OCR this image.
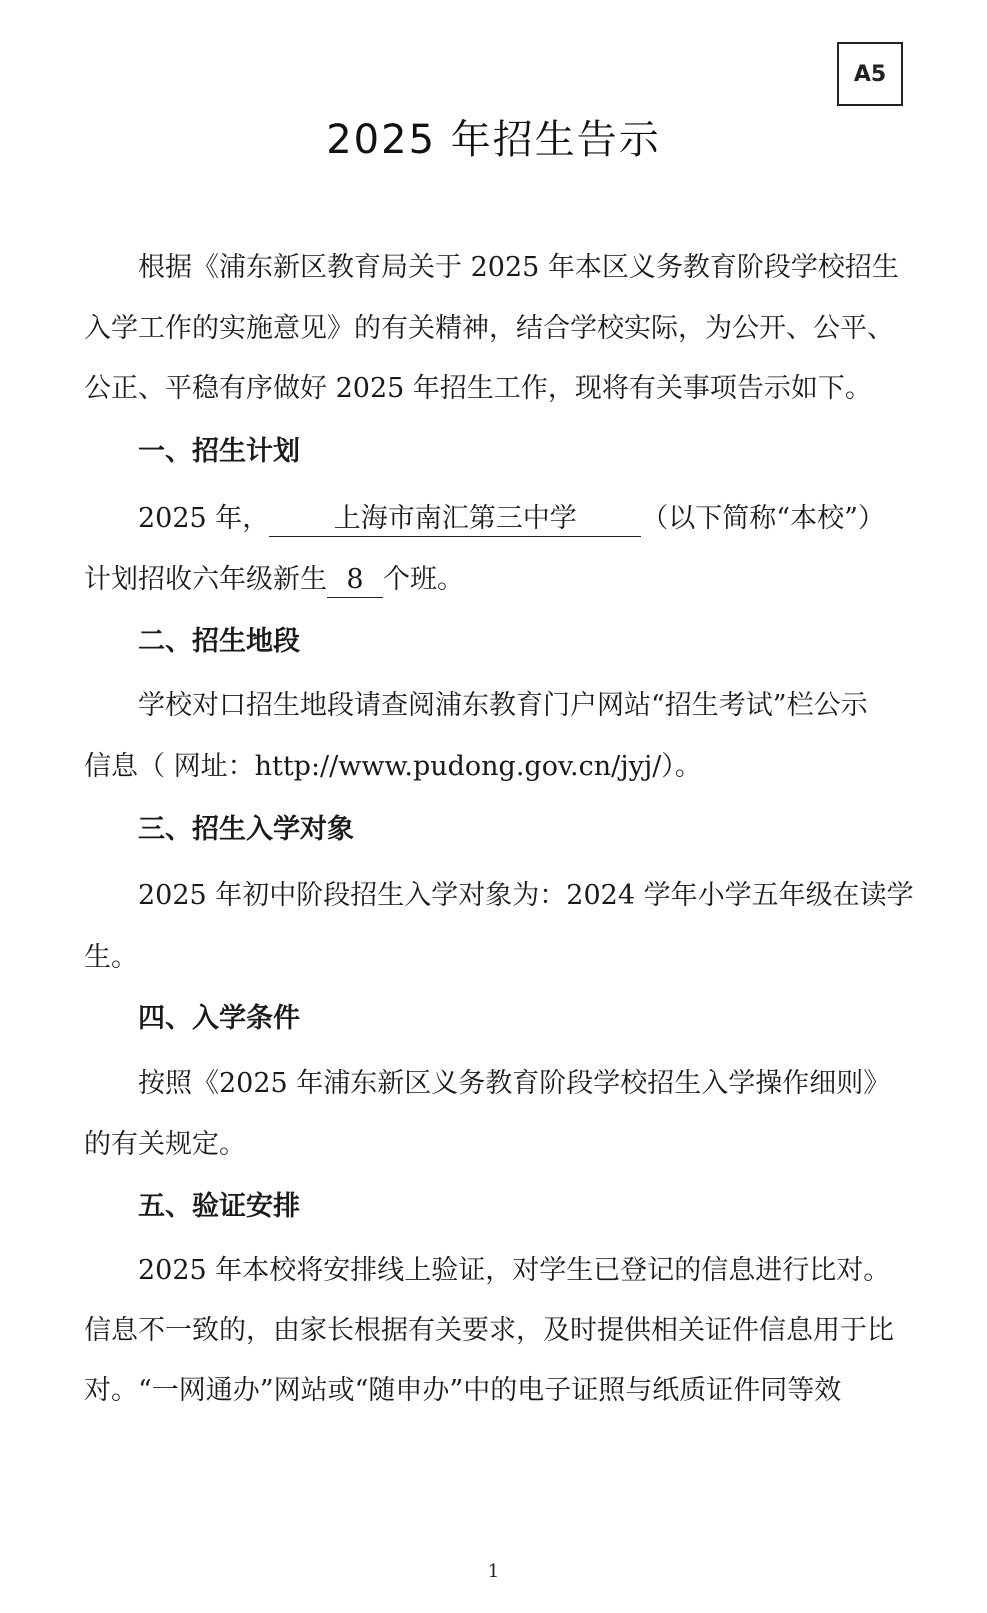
A5
2025 年招生告示
根据《浦东新区教育局关于 2025 年本区义务教育阶段学校招生
入学工作的实施意见》的有关精神，结合学校实际，为公开、公平、
公正、平稳有序做好 2025 年招生工作，现将有关事项告示如下。
一、招生计划
2025 年， 上海市南汇第三中学 （以下简称“本校”）
计划招收六年级新生 8 个班。
二、招生地段
学校对口招生地段请查阅浦东教育门户网站“招生考试”栏公示
信息（ 网址：http://www.pudong.gov.cn/jyj/）。
三、招生入学对象
2025 年初中阶段招生入学对象为：2024 学年小学五年级在读学
生。
四、入学条件
按照《2025 年浦东新区义务教育阶段学校招生入学操作细则》
的有关规定。
五、验证安排
2025 年本校将安排线上验证，对学生已登记的信息进行比对。
信息不一致的，由家长根据有关要求，及时提供相关证件信息用于比
对。“一网通办”网站或“随申办”中的电子证照与纸质证件同等效
1
